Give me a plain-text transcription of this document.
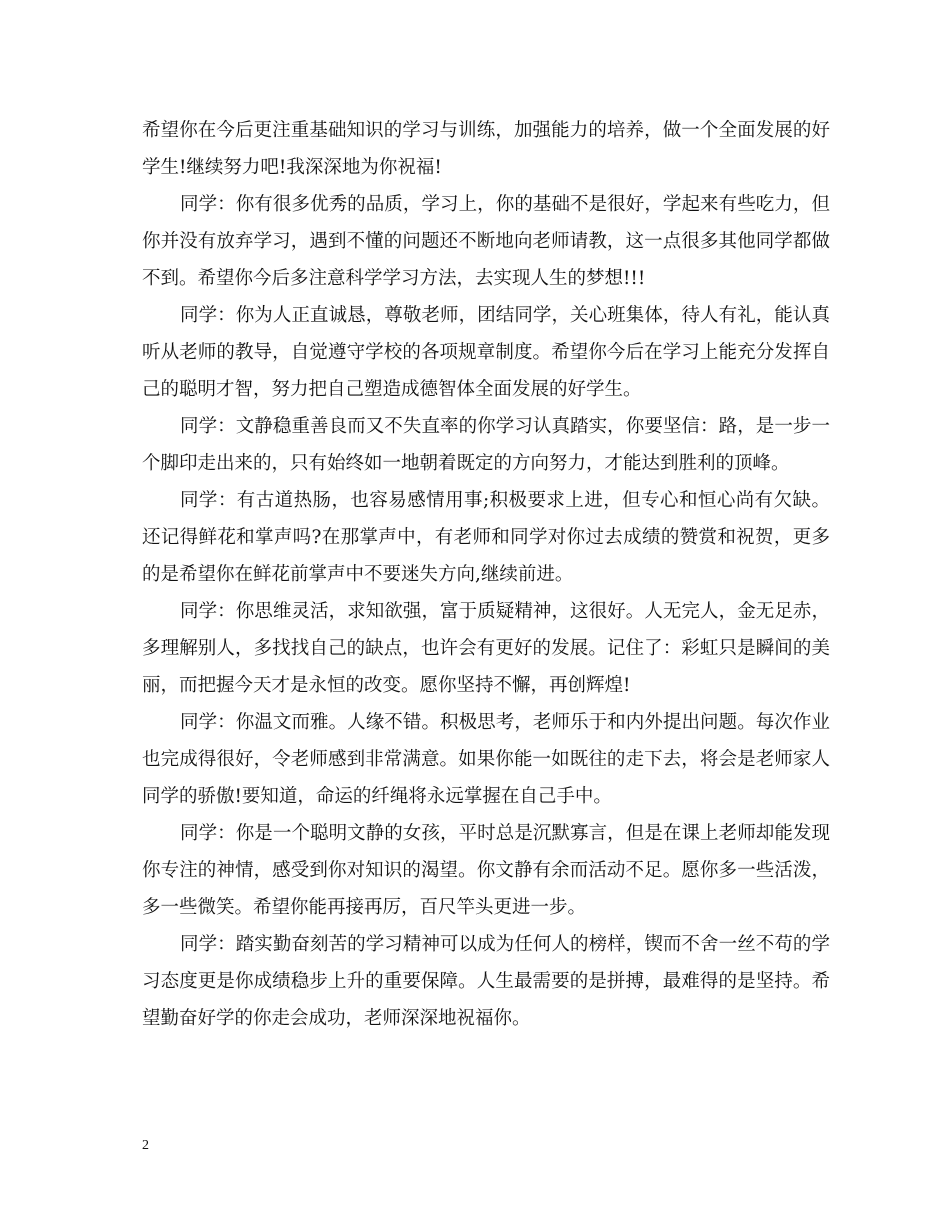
希望你在今后更注重基础知识的学习与训练，加强能力的培养，做一个全面发展的好学生!继续努力吧!我深深地为你祝福!

同学：你有很多优秀的品质，学习上，你的基础不是很好，学起来有些吃力，但你并没有放弃学习，遇到不懂的问题还不断地向老师请教，这一点很多其他同学都做不到。希望你今后多注意科学学习方法，去实现人生的梦想!!!

同学：你为人正直诚恳，尊敬老师，团结同学，关心班集体，待人有礼，能认真听从老师的教导，自觉遵守学校的各项规章制度。希望你今后在学习上能充分发挥自己的聪明才智，努力把自己塑造成德智体全面发展的好学生。

同学：文静稳重善良而又不失直率的你学习认真踏实，你要坚信：路，是一步一个脚印走出来的，只有始终如一地朝着既定的方向努力，才能达到胜利的顶峰。

同学：有古道热肠，也容易感情用事;积极要求上进，但专心和恒心尚有欠缺。还记得鲜花和掌声吗?在那掌声中，有老师和同学对你过去成绩的赞赏和祝贺，更多的是希望你在鲜花前掌声中不要迷失方向,继续前进。

同学：你思维灵活，求知欲强，富于质疑精神，这很好。人无完人，金无足赤，多理解别人，多找找自己的缺点，也许会有更好的发展。记住了：彩虹只是瞬间的美丽，而把握今天才是永恒的改变。愿你坚持不懈，再创辉煌!

同学：你温文而雅。人缘不错。积极思考，老师乐于和内外提出问题。每次作业也完成得很好，令老师感到非常满意。如果你能一如既往的走下去，将会是老师家人同学的骄傲!要知道，命运的纤绳将永远掌握在自己手中。

同学：你是一个聪明文静的女孩，平时总是沉默寡言，但是在课上老师却能发现你专注的神情，感受到你对知识的渴望。你文静有余而活动不足。愿你多一些活泼，多一些微笑。希望你能再接再厉，百尺竿头更进一步。

同学：踏实勤奋刻苦的学习精神可以成为任何人的榜样，锲而不舍一丝不苟的学习态度更是你成绩稳步上升的重要保障。人生最需要的是拼搏，最难得的是坚持。希望勤奋好学的你走会成功，老师深深地祝福你。

2
